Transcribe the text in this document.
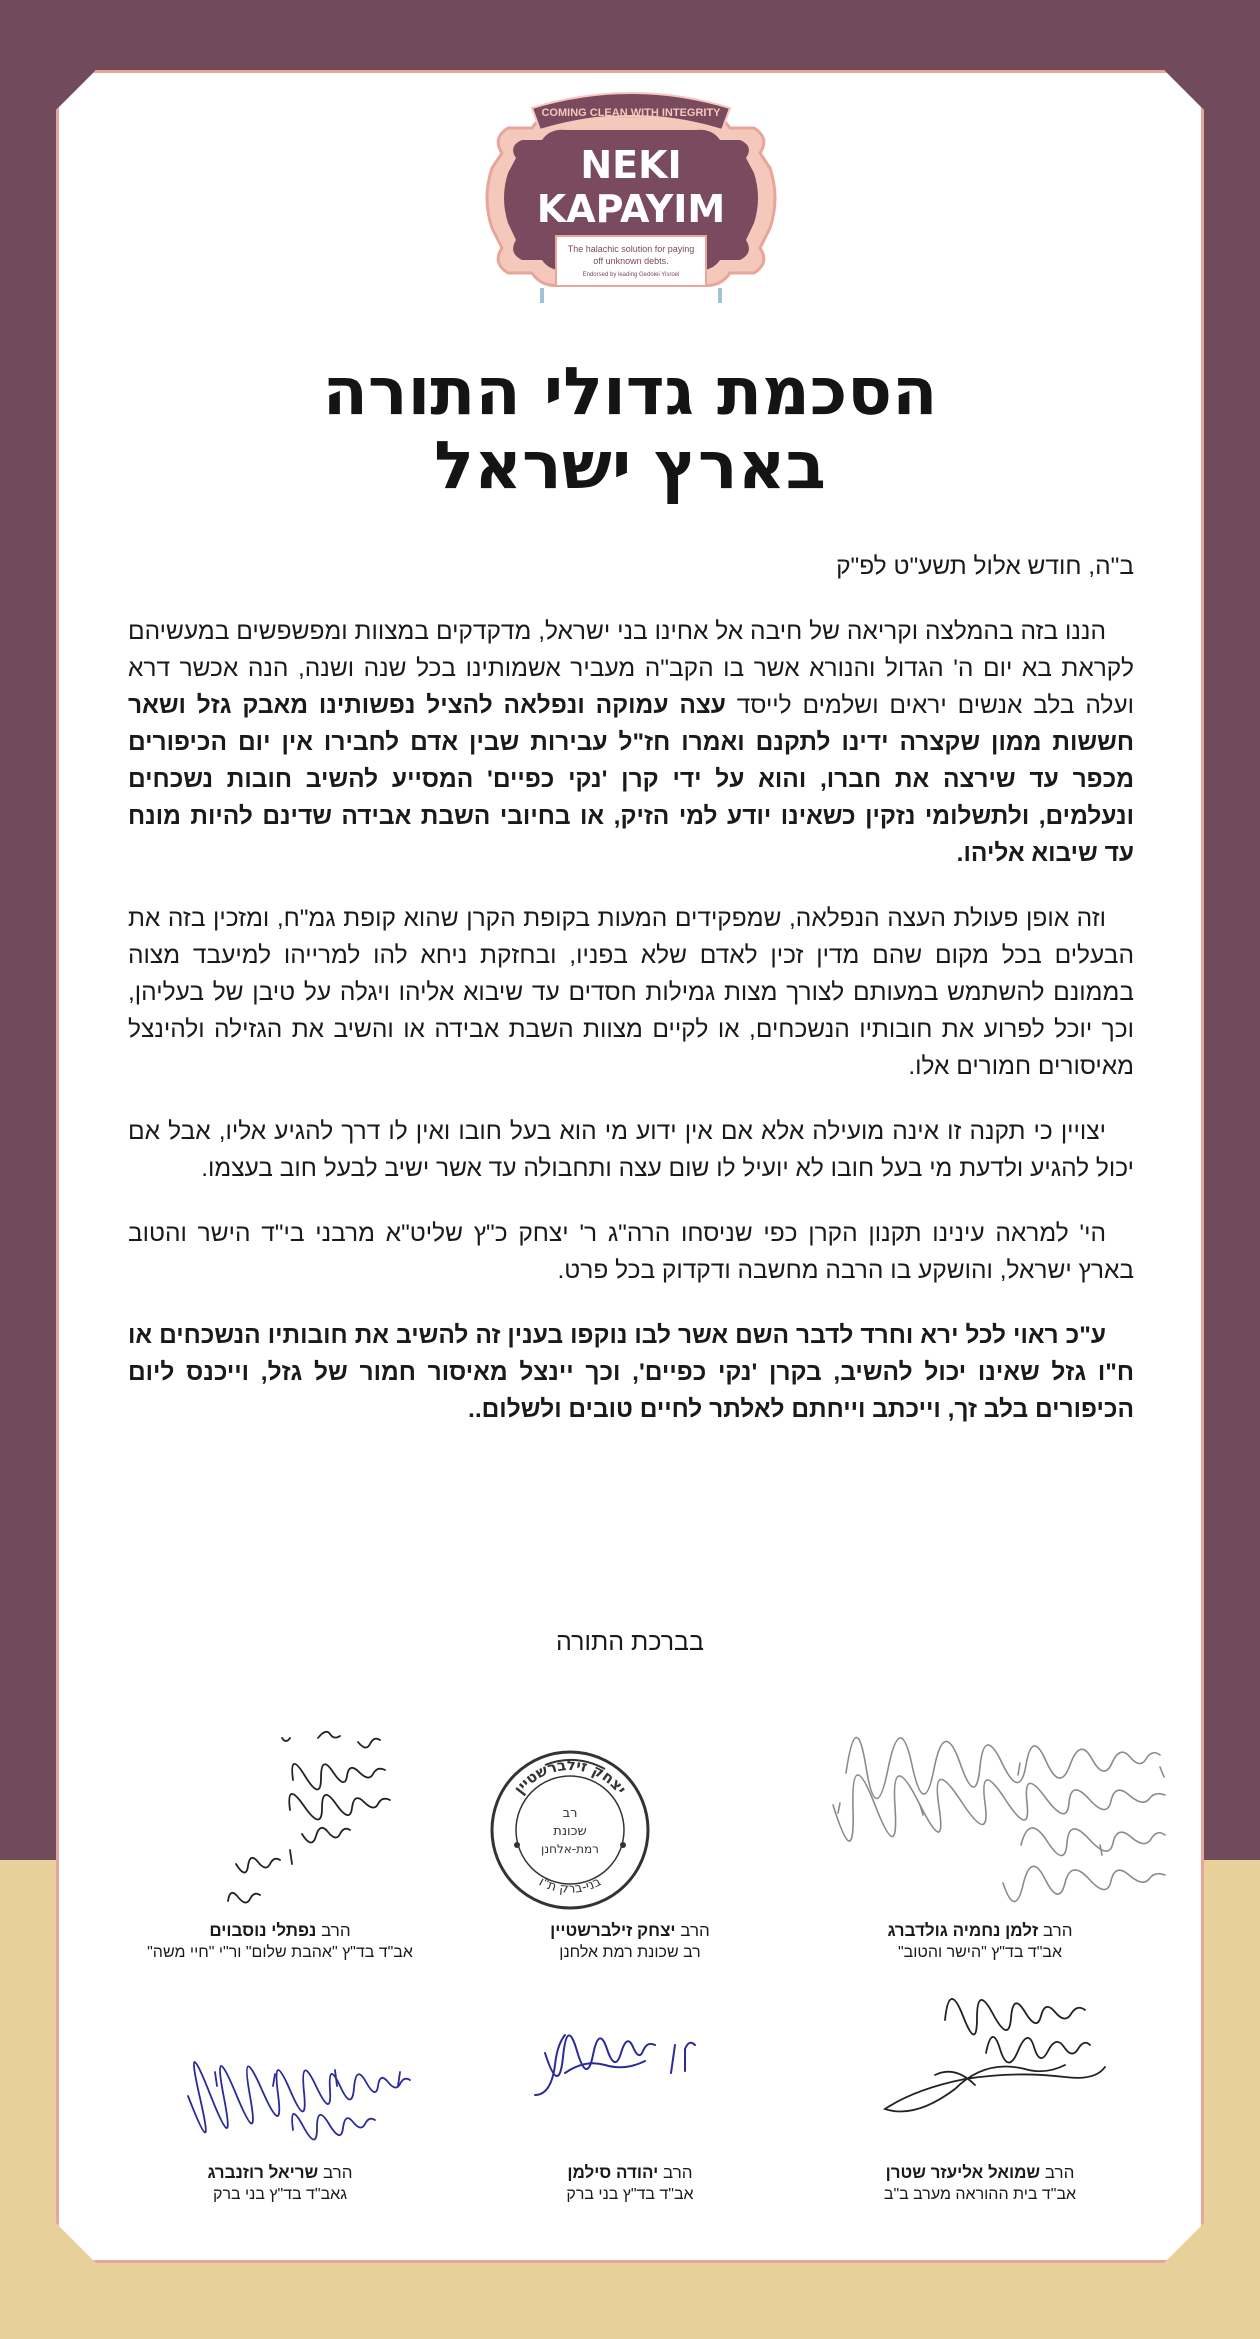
COMING CLEAN WITH INTEGRITY
NEKI
KAPAYIM
The halachic solution for paying
off unknown debts.
Endorsed by leading Gedolei Yisroel
הסכמת גדולי התורה
בארץ ישראל

ב"ה, חודש אלול תשע"ט לפ"ק

הננו בזה בהמלצה וקריאה של חיבה אל אחינו בני ישראל, מדקדקים במצוות ומפשפשים במעשיהם לקראת בא יום ה' הגדול והנורא אשר בו הקב"ה מעביר אשמותינו בכל שנה ושנה, הנה אכשר דרא ועלה בלב אנשים יראים ושלמים לייסד עצה עמוקה ונפלאה להציל נפשותינו מאבק גזל ושאר חששות ממון שקצרה ידינו לתקנם ואמרו חז"ל עבירות שבין אדם לחבירו אין יום הכיפורים מכפר עד שירצה את חברו, והוא על ידי קרן 'נקי כפיים' המסייע להשיב חובות נשכחים ונעלמים, ולתשלומי נזקין כשאינו יודע למי הזיק, או בחיובי השבת אבידה שדינם להיות מונח עד שיבוא אליהו.

וזה אופן פעולת העצה הנפלאה, שמפקידים המעות בקופת הקרן שהוא קופת גמ"ח, ומזכין בזה את הבעלים בכל מקום שהם מדין זכין לאדם שלא בפניו, ובחזקת ניחא להו למרייהו למיעבד מצוה בממונם להשתמש במעותם לצורך מצות גמילות חסדים עד שיבוא אליהו ויגלה על טיבן של בעליהן, וכך יוכל לפרוע את חובותיו הנשכחים, או לקיים מצוות השבת אבידה או והשיב את הגזילה ולהינצל מאיסורים חמורים אלו.

יצויין כי תקנה זו אינה מועילה אלא אם אין ידוע מי הוא בעל חובו ואין לו דרך להגיע אליו, אבל אם יכול להגיע ולדעת מי בעל חובו לא יועיל לו שום עצה ותחבולה עד אשר ישיב לבעל חוב בעצמו.

הי' למראה עינינו תקנון הקרן כפי שניסחו הרה"ג ר' יצחק כ"ץ שליט"א מרבני בי"ד הישר והטוב בארץ ישראל, והושקע בו הרבה מחשבה ודקדוק בכל פרט.

ע"כ ראוי לכל ירא וחרד לדבר השם אשר לבו נוקפו בענין זה להשיב את חובותיו הנשכחים או ח"ו גזל שאינו יכול להשיב, בקרן 'נקי כפיים', וכך יינצל מאיסור חמור של גזל, וייכנס ליום הכיפורים בלב זך, וייכתב וייחתם לאלתר לחיים טובים ולשלום..

בברכת התורה
יצחק זילברשטיין
בני-ברק ת"ו
רב
שכונת
רמת-אלחנן
הרב זלמן נחמיה גולדברג
אב"ד בד"ץ "הישר והטוב"
הרב יצחק זילברשטיין
רב שכונת רמת אלחנן
הרב נפתלי נוסבוים
אב"ד בד"ץ "אהבת שלום" ור"י "חיי משה"
הרב שמואל אליעזר שטרן
אב"ד בית ההוראה מערב ב"ב
הרב יהודה סילמן
אב"ד בד"ץ בני ברק
הרב שריאל רוזנברג
גאב"ד בד"ץ בני ברק
